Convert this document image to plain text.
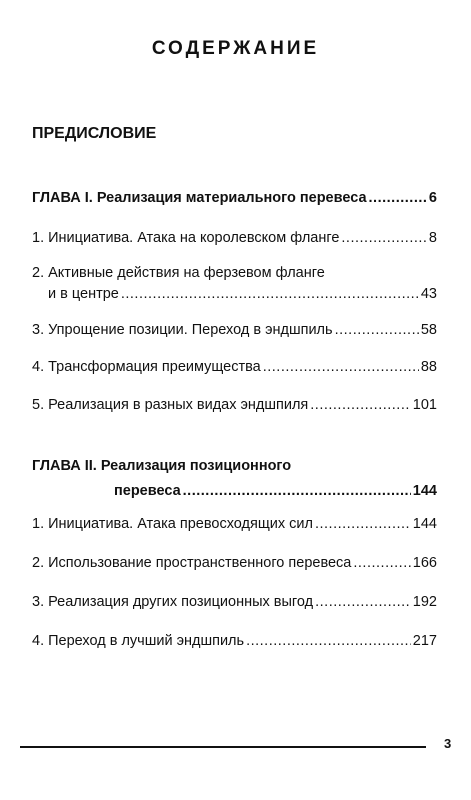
СОДЕРЖАНИЕ
ПРЕДИСЛОВИЕ
ГЛАВА I. Реализация материального перевеса .....	6
1. Инициатива. Атака на королевском фланге .....	8
2. Активные действия на ферзевом фланге
и в центре .....	43
3. Упрощение позиции. Переход в эндшпиль .....	58
4. Трансформация преимущества .....	88
5. Реализация в разных видах эндшпиля .....	101
ГЛАВА II. Реализация позиционного
перевеса .....	144
1. Инициатива. Атака превосходящих сил .....	144
2. Использование пространственного перевеса .....	166
3. Реализация других позиционных выгод .....	192
4. Переход в лучший эндшпиль .....	217
3
